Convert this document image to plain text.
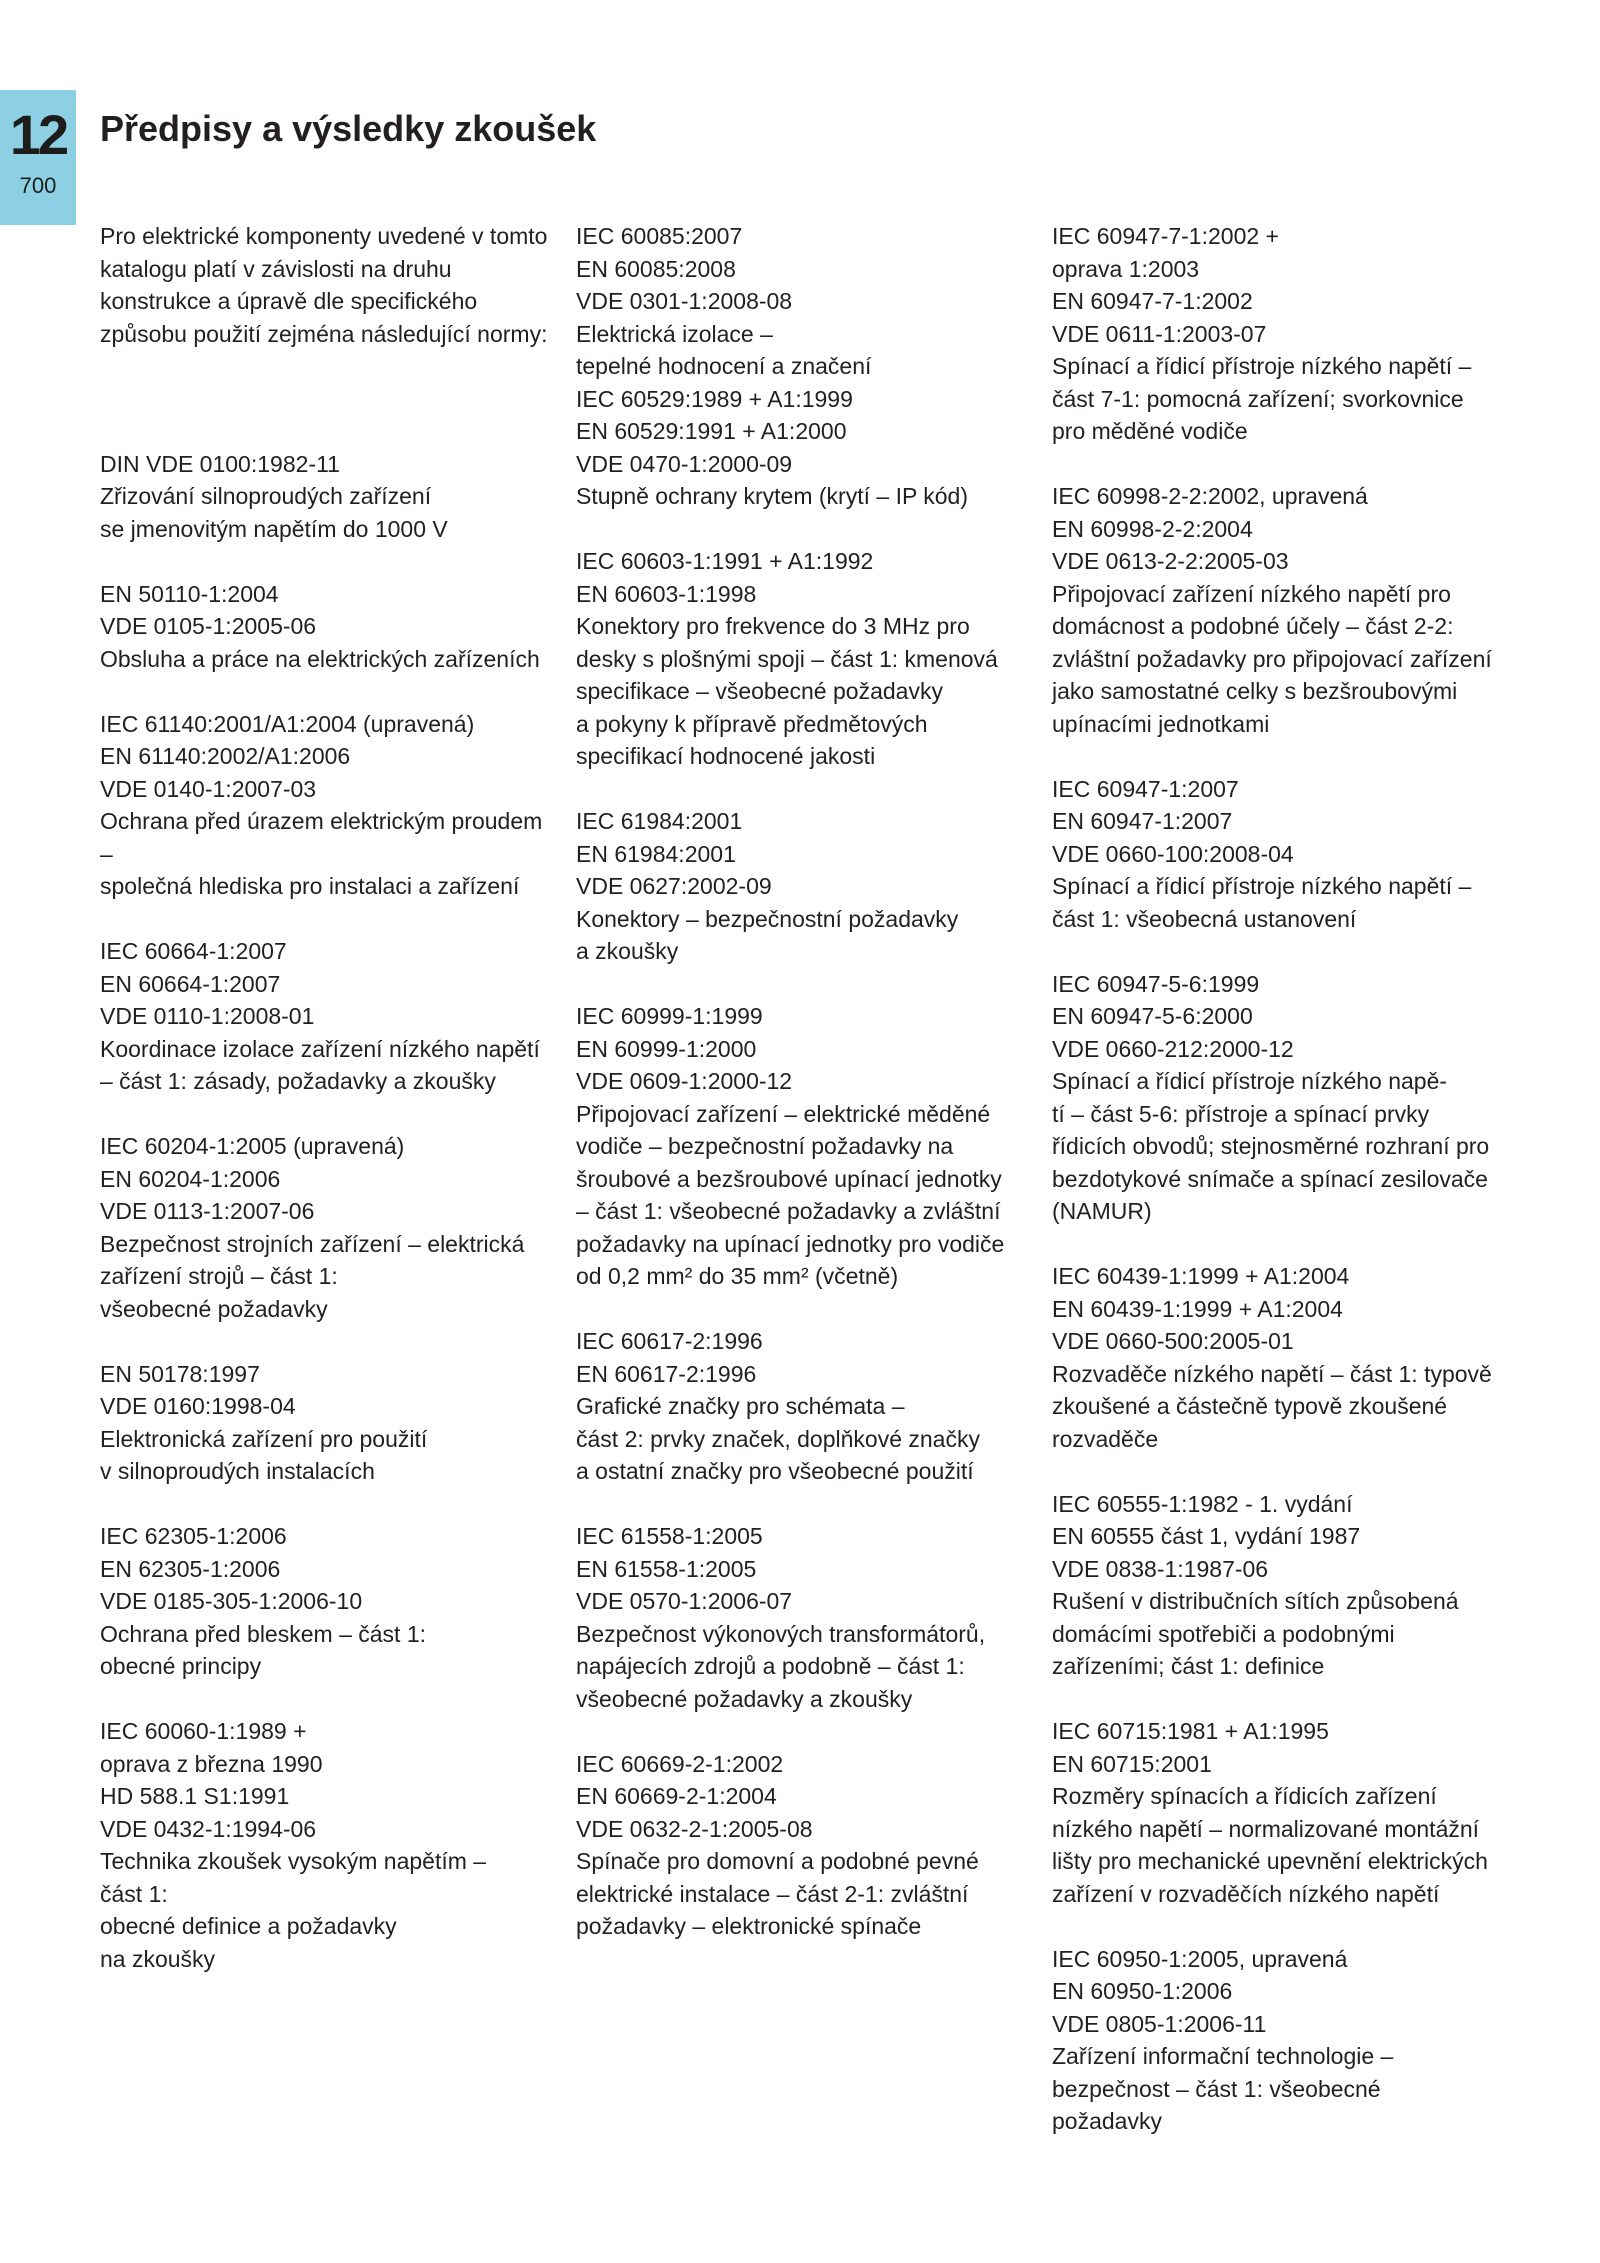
12
700
Předpisy a výsledky zkoušek
Pro elektrické komponenty uvedené v tomto
katalogu platí v závislosti na druhu
konstrukce a úpravě dle specifického
způsobu použití zejména následující normy:
DIN VDE 0100:1982-11
Zřizování silnoproudých zařízení
se jmenovitým napětím do 1000 V
EN 50110-1:2004
VDE 0105-1:2005-06
Obsluha a práce na elektrických zařízeních
IEC 61140:2001/A1:2004 (upravená)
EN 61140:2002/A1:2006
VDE 0140-1:2007-03
Ochrana před úrazem elektrickým proudem
–
společná hlediska pro instalaci a zařízení
IEC 60664-1:2007
EN 60664-1:2007
VDE 0110-1:2008-01
Koordinace izolace zařízení nízkého napětí
– část 1: zásady, požadavky a zkoušky
IEC 60204-1:2005 (upravená)
EN 60204-1:2006
VDE 0113-1:2007-06
Bezpečnost strojních zařízení – elektrická
zařízení strojů – část 1:
všeobecné požadavky
EN 50178:1997
VDE 0160:1998-04
Elektronická zařízení pro použití
v silnoproudých instalacích
IEC 62305-1:2006
EN 62305-1:2006
VDE 0185-305-1:2006-10
Ochrana před bleskem – část 1:
obecné principy
IEC 60060-1:1989 +
oprava z března 1990
HD 588.1 S1:1991
VDE 0432-1:1994-06
Technika zkoušek vysokým napětím –
část 1:
obecné definice a požadavky
na zkoušky
IEC 60085:2007
EN 60085:2008
VDE 0301-1:2008-08
Elektrická izolace –
tepelné hodnocení a značení
IEC 60529:1989 + A1:1999
EN 60529:1991 + A1:2000
VDE 0470-1:2000-09
Stupně ochrany krytem (krytí – IP kód)
IEC 60603-1:1991 + A1:1992
EN 60603-1:1998
Konektory pro frekvence do 3 MHz pro
desky s plošnými spoji – část 1: kmenová
specifikace – všeobecné požadavky
a pokyny k přípravě předmětových
specifikací hodnocené jakosti
IEC 61984:2001
EN 61984:2001
VDE 0627:2002-09
Konektory – bezpečnostní požadavky
a zkoušky
IEC 60999-1:1999
EN 60999-1:2000
VDE 0609-1:2000-12
Připojovací zařízení – elektrické měděné
vodiče – bezpečnostní požadavky na
šroubové a bezšroubové upínací jednotky
– část 1: všeobecné požadavky a zvláštní
požadavky na upínací jednotky pro vodiče
od 0,2 mm² do 35 mm² (včetně)
IEC 60617-2:1996
EN 60617-2:1996
Grafické značky pro schémata –
část 2: prvky značek, doplňkové značky
a ostatní značky pro všeobecné použití
IEC 61558-1:2005
EN 61558-1:2005
VDE 0570-1:2006-07
Bezpečnost výkonových transformátorů,
napájecích zdrojů a podobně – část 1:
všeobecné požadavky a zkoušky
IEC 60669-2-1:2002
EN 60669-2-1:2004
VDE 0632-2-1:2005-08
Spínače pro domovní a podobné pevné
elektrické instalace – část 2-1: zvláštní
požadavky – elektronické spínače
IEC 60947-7-1:2002 +
oprava 1:2003
EN 60947-7-1:2002
VDE 0611-1:2003-07
Spínací a řídicí přístroje nízkého napětí –
část 7-1: pomocná zařízení; svorkovnice
pro měděné vodiče
IEC 60998-2-2:2002, upravená
EN 60998-2-2:2004
VDE 0613-2-2:2005-03
Připojovací zařízení nízkého napětí pro
domácnost a podobné účely – část 2-2:
zvláštní požadavky pro připojovací zařízení
jako samostatné celky s bezšroubovými
upínacími jednotkami
IEC 60947-1:2007
EN 60947-1:2007
VDE 0660-100:2008-04
Spínací a řídicí přístroje nízkého napětí –
část 1: všeobecná ustanovení
IEC 60947-5-6:1999
EN 60947-5-6:2000
VDE 0660-212:2000-12
Spínací a řídicí přístroje nízkého napě-
tí – část 5-6: přístroje a spínací prvky
řídicích obvodů; stejnosměrné rozhraní pro
bezdotykové snímače a spínací zesilovače
(NAMUR)
IEC 60439-1:1999 + A1:2004
EN 60439-1:1999 + A1:2004
VDE 0660-500:2005-01
Rozvaděče nízkého napětí – část 1: typově
zkoušené a částečně typově zkoušené
rozvaděče
IEC 60555-1:1982 - 1. vydání
EN 60555 část 1, vydání 1987
VDE 0838-1:1987-06
Rušení v distribučních sítích způsobená
domácími spotřebiči a podobnými
zařízeními; část 1: definice
IEC 60715:1981 + A1:1995
EN 60715:2001
Rozměry spínacích a řídicích zařízení
nízkého napětí – normalizované montážní
lišty pro mechanické upevnění elektrických
zařízení v rozvaděčích nízkého napětí
IEC 60950-1:2005, upravená
EN 60950-1:2006
VDE 0805-1:2006-11
Zařízení informační technologie –
bezpečnost – část 1: všeobecné
požadavky
